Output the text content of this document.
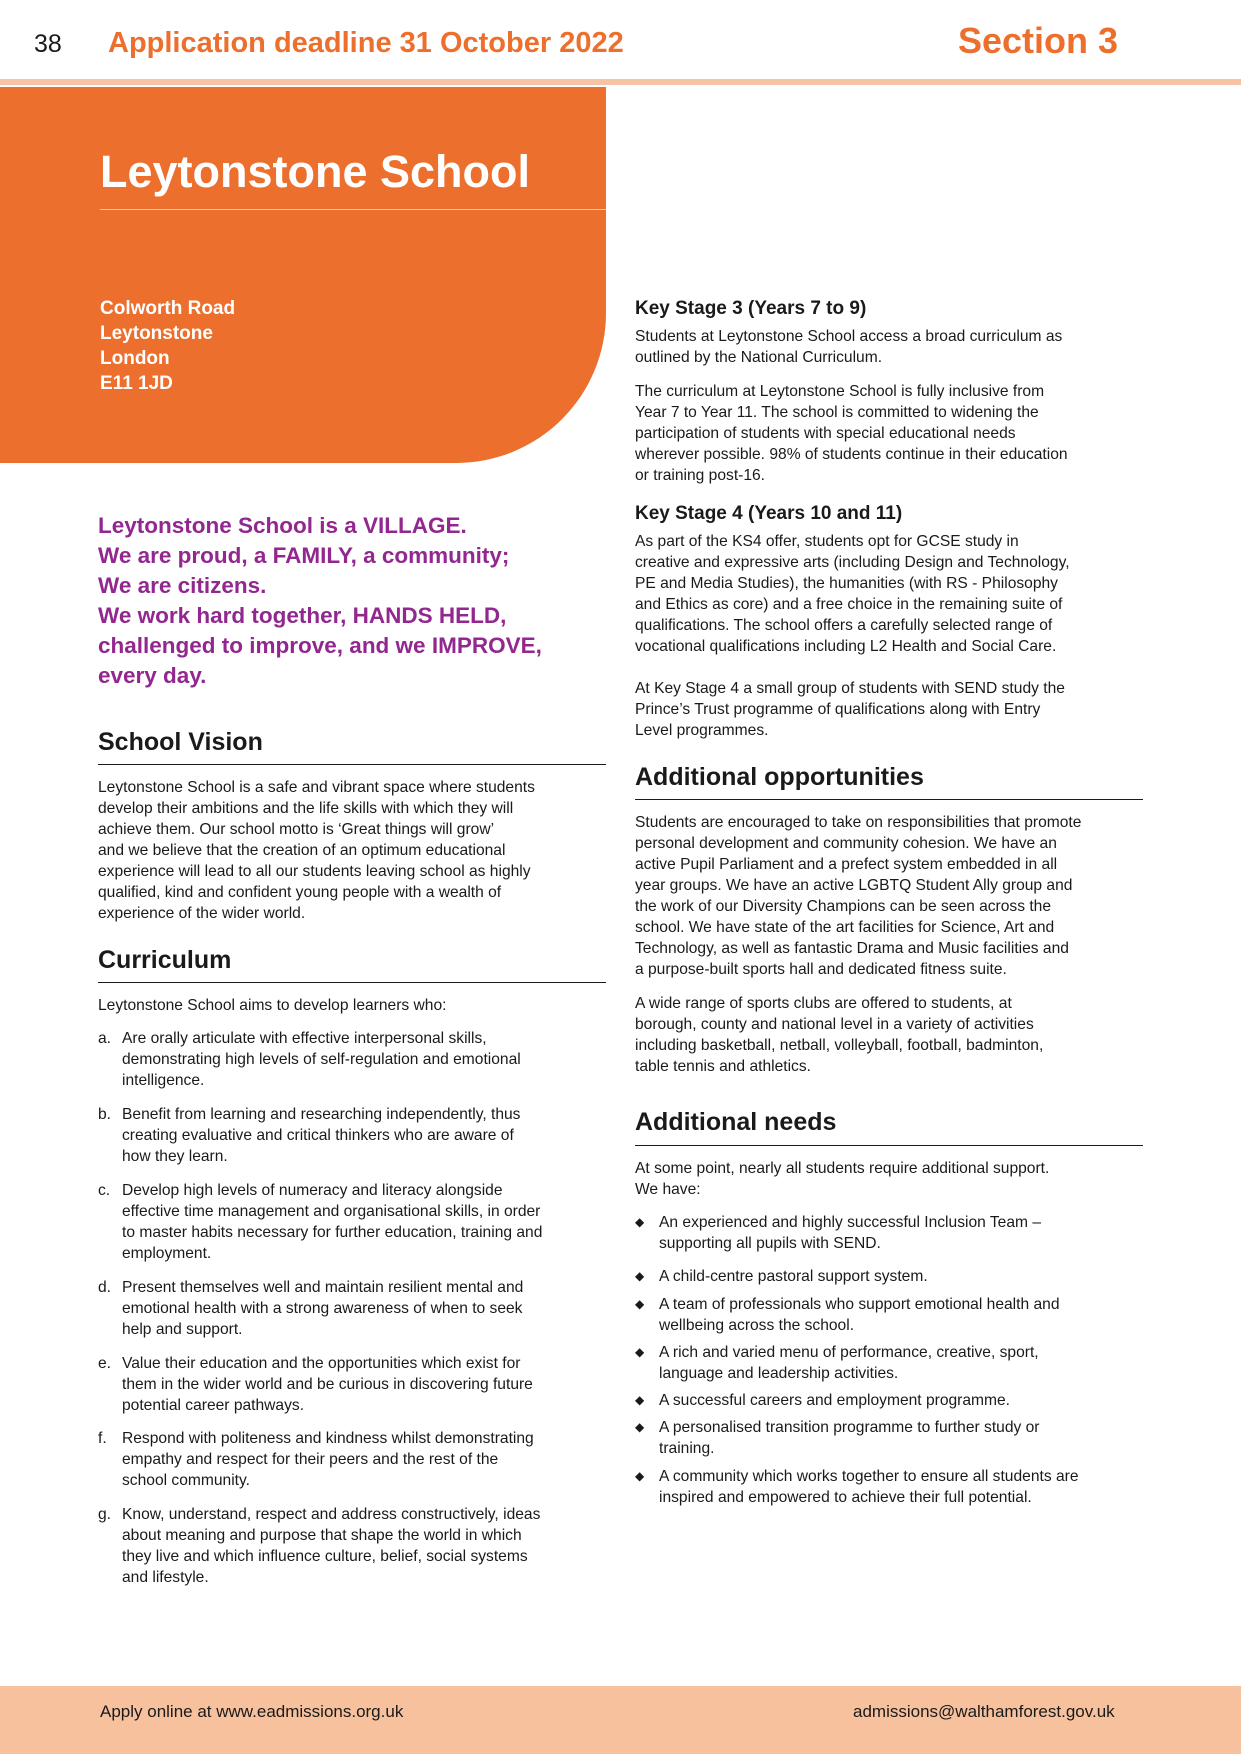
38 Application deadline 31 October 2022	Section 3
Leytonstone School
Colworth Road
Leytonstone
London
E11 1JD
Leytonstone School is a VILLAGE.
We are proud, a FAMILY, a community;
We are citizens.
We work hard together, HANDS HELD,
challenged to improve, and we IMPROVE,
every day.
School Vision
Leytonstone School is a safe and vibrant space where students
develop their ambitions and the life skills with which they will
achieve them. Our school motto is ‘Great things will grow’
and we believe that the creation of an optimum educational
experience will lead to all our students leaving school as highly
qualified, kind and confident young people with a wealth of
experience of the wider world.
Curriculum
Leytonstone School aims to develop learners who:
a. Are orally articulate with effective interpersonal skills,
demonstrating high levels of self-regulation and emotional
intelligence.
b. Benefit from learning and researching independently, thus
creating evaluative and critical thinkers who are aware of
how they learn.
c. Develop high levels of numeracy and literacy alongside
effective time management and organisational skills, in order
to master habits necessary for further education, training and
employment.
d. Present themselves well and maintain resilient mental and
emotional health with a strong awareness of when to seek
help and support.
e. Value their education and the opportunities which exist for
them in the wider world and be curious in discovering future
potential career pathways.
f. Respond with politeness and kindness whilst demonstrating
empathy and respect for their peers and the rest of the
school community.
g. Know, understand, respect and address constructively, ideas
about meaning and purpose that shape the world in which
they live and which influence culture, belief, social systems
and lifestyle.
Key Stage 3 (Years 7 to 9)
Students at Leytonstone School access a broad curriculum as
outlined by the National Curriculum.
The curriculum at Leytonstone School is fully inclusive from
Year 7 to Year 11. The school is committed to widening the
participation of students with special educational needs
wherever possible. 98% of students continue in their education
or training post-16.
Key Stage 4 (Years 10 and 11)
As part of the KS4 offer, students opt for GCSE study in
creative and expressive arts (including Design and Technology,
PE and Media Studies), the humanities (with RS - Philosophy
and Ethics as core) and a free choice in the remaining suite of
qualifications. The school offers a carefully selected range of
vocational qualifications including L2 Health and Social Care.
At Key Stage 4 a small group of students with SEND study the
Prince’s Trust programme of qualifications along with Entry
Level programmes.
Additional opportunities
Students are encouraged to take on responsibilities that promote
personal development and community cohesion. We have an
active Pupil Parliament and a prefect system embedded in all
year groups. We have an active LGBTQ Student Ally group and
the work of our Diversity Champions can be seen across the
school. We have state of the art facilities for Science, Art and
Technology, as well as fantastic Drama and Music facilities and
a purpose-built sports hall and dedicated fitness suite.
A wide range of sports clubs are offered to students, at
borough, county and national level in a variety of activities
including basketball, netball, volleyball, football, badminton,
table tennis and athletics.
Additional needs
At some point, nearly all students require additional support.
We have:
◆ An experienced and highly successful Inclusion Team –
supporting all pupils with SEND.
◆ A child-centre pastoral support system.
◆ A team of professionals who support emotional health and
wellbeing across the school.
◆ A rich and varied menu of performance, creative, sport,
language and leadership activities.
◆ A successful careers and employment programme.
◆ A personalised transition programme to further study or
training.
◆ A community which works together to ensure all students are
inspired and empowered to achieve their full potential.
Apply online at www.eadmissions.org.uk	admissions@walthamforest.gov.uk
